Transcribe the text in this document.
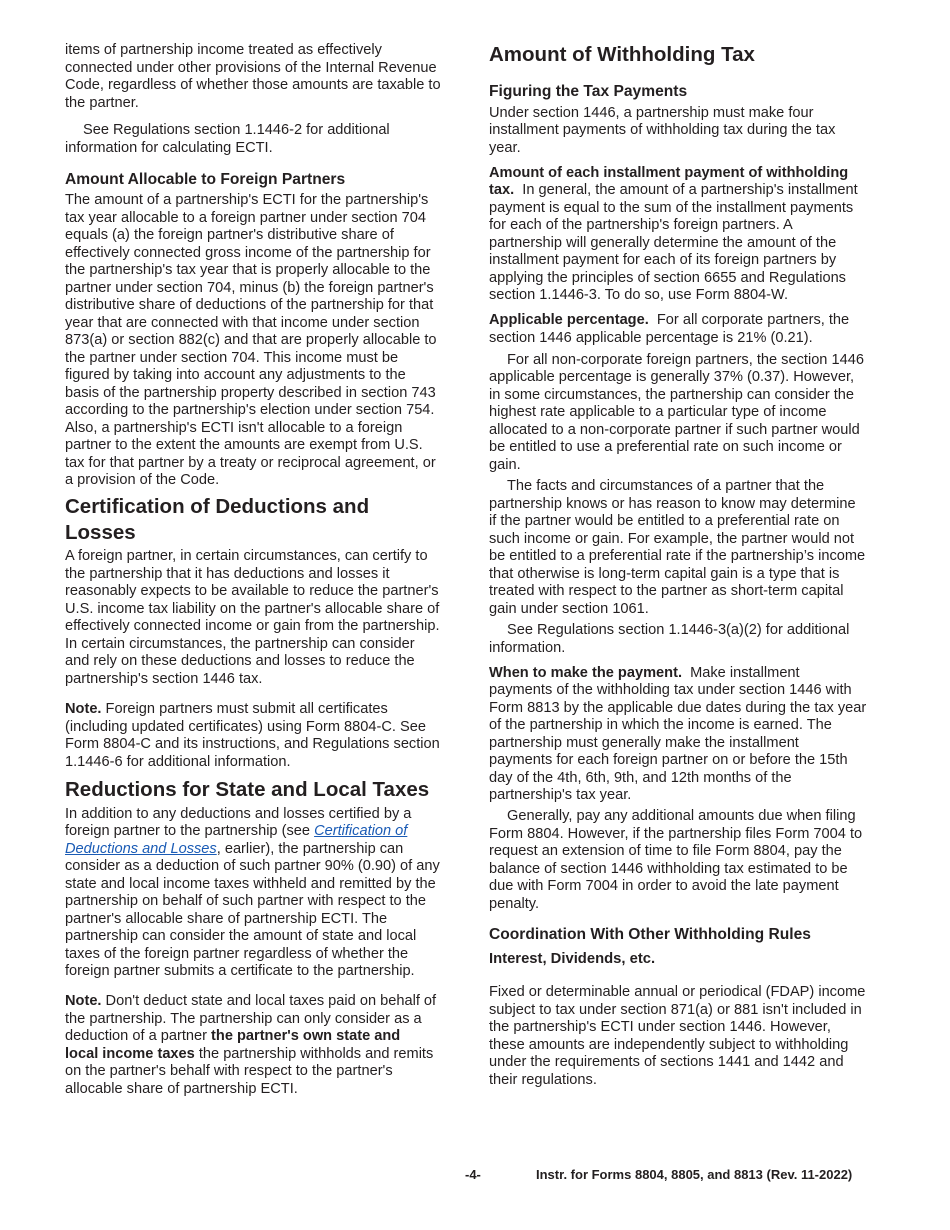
items of partnership income treated as effectively
connected under other provisions of the Internal Revenue
Code, regardless of whether those amounts are taxable to
the partner.
See Regulations section 1.1446-2 for additional
information for calculating ECTI.
Amount Allocable to Foreign Partners
The amount of a partnership's ECTI for the partnership's
tax year allocable to a foreign partner under section 704
equals (a) the foreign partner's distributive share of
effectively connected gross income of the partnership for
the partnership's tax year that is properly allocable to the
partner under section 704, minus (b) the foreign partner's
distributive share of deductions of the partnership for that
year that are connected with that income under section
873(a) or section 882(c) and that are properly allocable to
the partner under section 704. This income must be
figured by taking into account any adjustments to the
basis of the partnership property described in section 743
according to the partnership's election under section 754.
Also, a partnership's ECTI isn't allocable to a foreign
partner to the extent the amounts are exempt from U.S.
tax for that partner by a treaty or reciprocal agreement, or
a provision of the Code.
Certification of Deductions and
Losses
A foreign partner, in certain circumstances, can certify to
the partnership that it has deductions and losses it
reasonably expects to be available to reduce the partner's
U.S. income tax liability on the partner's allocable share of
effectively connected income or gain from the partnership.
In certain circumstances, the partnership can consider
and rely on these deductions and losses to reduce the
partnership's section 1446 tax.
Note. Foreign partners must submit all certificates
(including updated certificates) using Form 8804-C. See
Form 8804-C and its instructions, and Regulations section
1.1446-6 for additional information.
Reductions for State and Local Taxes
In addition to any deductions and losses certified by a
foreign partner to the partnership (see Certification of
Deductions and Losses, earlier), the partnership can
consider as a deduction of such partner 90% (0.90) of any
state and local income taxes withheld and remitted by the
partnership on behalf of such partner with respect to the
partner's allocable share of partnership ECTI. The
partnership can consider the amount of state and local
taxes of the foreign partner regardless of whether the
foreign partner submits a certificate to the partnership.
Note. Don't deduct state and local taxes paid on behalf of
the partnership. The partnership can only consider as a
deduction of a partner the partner's own state and
local income taxes the partnership withholds and remits
on the partner's behalf with respect to the partner's
allocable share of partnership ECTI.
Amount of Withholding Tax
Figuring the Tax Payments
Under section 1446, a partnership must make four
installment payments of withholding tax during the tax
year.
Amount of each installment payment of withholding
tax.  In general, the amount of a partnership's installment
payment is equal to the sum of the installment payments
for each of the partnership's foreign partners. A
partnership will generally determine the amount of the
installment payment for each of its foreign partners by
applying the principles of section 6655 and Regulations
section 1.1446-3. To do so, use Form 8804-W.
Applicable percentage.  For all corporate partners, the
section 1446 applicable percentage is 21% (0.21).
For all non-corporate foreign partners, the section 1446
applicable percentage is generally 37% (0.37). However,
in some circumstances, the partnership can consider the
highest rate applicable to a particular type of income
allocated to a non-corporate partner if such partner would
be entitled to use a preferential rate on such income or
gain.
The facts and circumstances of a partner that the
partnership knows or has reason to know may determine
if the partner would be entitled to a preferential rate on
such income or gain. For example, the partner would not
be entitled to a preferential rate if the partnership’s income
that otherwise is long-term capital gain is a type that is
treated with respect to the partner as short-term capital
gain under section 1061.
See Regulations section 1.1446-3(a)(2) for additional
information.
When to make the payment.  Make installment
payments of the withholding tax under section 1446 with
Form 8813 by the applicable due dates during the tax year
of the partnership in which the income is earned. The
partnership must generally make the installment
payments for each foreign partner on or before the 15th
day of the 4th, 6th, 9th, and 12th months of the
partnership's tax year.
Generally, pay any additional amounts due when filing
Form 8804. However, if the partnership files Form 7004 to
request an extension of time to file Form 8804, pay the
balance of section 1446 withholding tax estimated to be
due with Form 7004 in order to avoid the late payment
penalty.
Coordination With Other Withholding Rules
Interest, Dividends, etc.
Fixed or determinable annual or periodical (FDAP) income
subject to tax under section 871(a) or 881 isn't included in
the partnership's ECTI under section 1446. However,
these amounts are independently subject to withholding
under the requirements of sections 1441 and 1442 and
their regulations.
-4-	Instr. for Forms 8804, 8805, and 8813 (Rev. 11-2022)
